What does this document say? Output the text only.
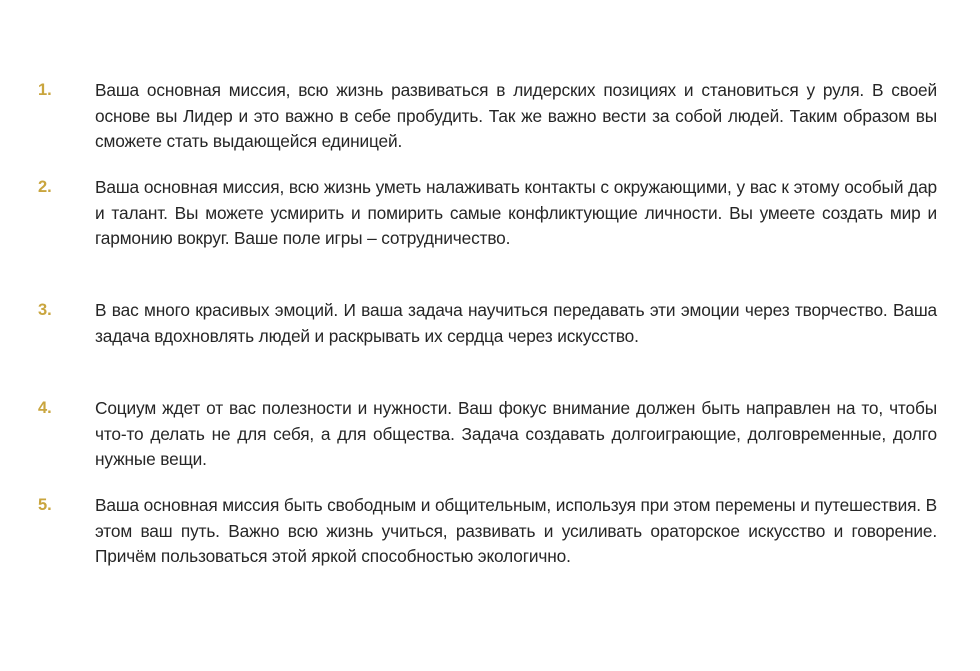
1. Ваша основная миссия, всю жизнь развиваться в лидерских позициях и становиться у руля. В своей основе вы Лидер и это важно в себе пробудить. Так же важно вести за собой людей. Таким образом вы сможете стать выдающейся единицей.

2. Ваша основная миссия, всю жизнь уметь налаживать контакты с окружающими, у вас к этому особый дар и талант. Вы можете усмирить и помирить самые конфликтующие личности. Вы умеете создать мир и гармонию вокруг. Ваше поле игры – сотрудничество.

3. В вас много красивых эмоций. И ваша задача научиться передавать эти эмоции через творчество. Ваша задача вдохновлять людей и раскрывать их сердца через искусство.

4. Социум ждет от вас полезности и нужности. Ваш фокус внимание должен быть направлен на то, чтобы что-то делать не для себя, а для общества. Задача создавать долгоиграющие, долговременные, долго нужные вещи.

5. Ваша основная миссия быть свободным и общительным, используя при этом перемены и путешествия. В этом ваш путь. Важно всю жизнь учиться, развивать и усиливать ораторское искусство и говорение. Причём пользоваться этой яркой способностью экологично.
